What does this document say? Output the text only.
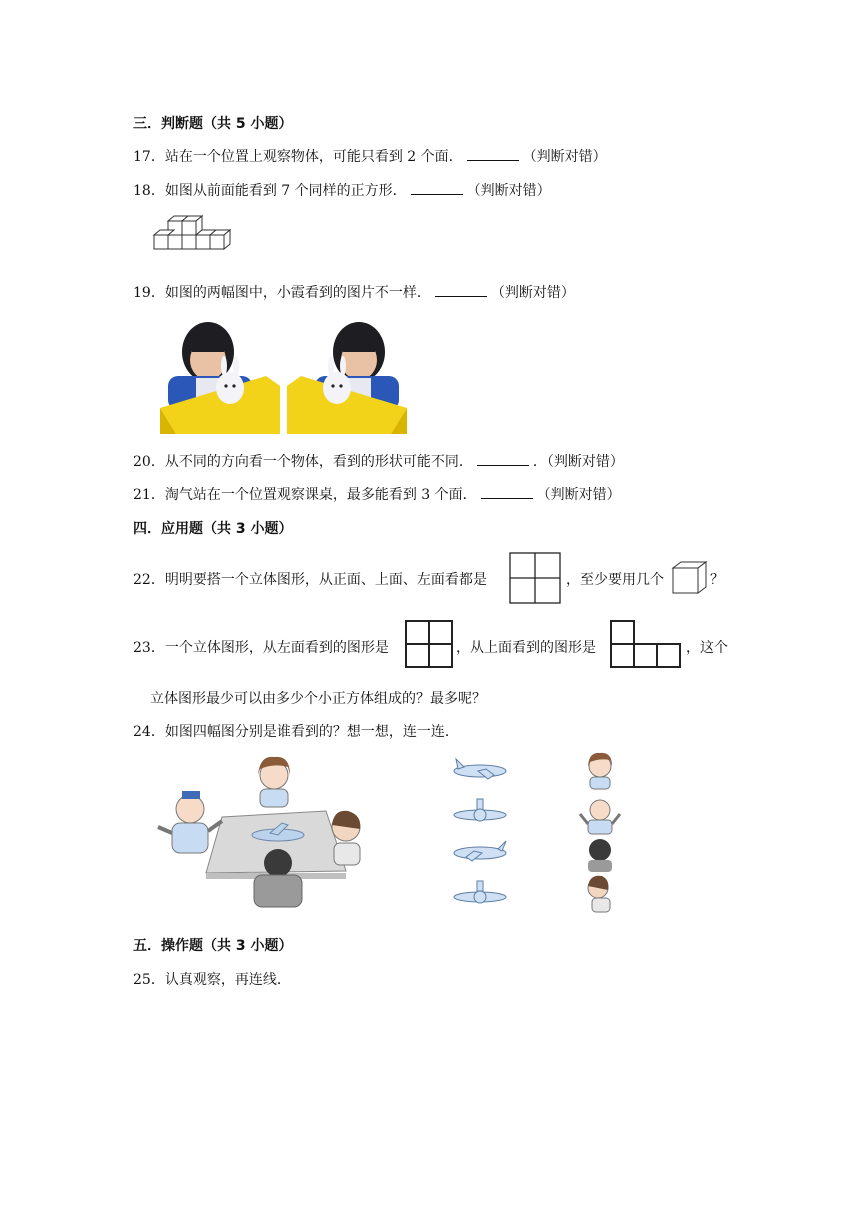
三．判断题（共 5 小题）
17．站在一个位置上观察物体，可能只看到 2 个面．	（判断对错）
18．如图从前面能看到 7 个同样的正方形．	（判断对错）
19．如图的两幅图中，小霞看到的图片不一样．	（判断对错）
20．从不同的方向看一个物体，看到的形状可能不同．	．（判断对错）
21．淘气站在一个位置观察课桌，最多能看到 3 个面．	（判断对错）
四．应用题（共 3 小题）
22．明明要搭一个立体图形，从正面、上面、左面看都是	，至少要用几个	？
23．一个立体图形，从左面看到的图形是	，从上面看到的图形是	，这个
立体图形最少可以由多少个小正方体组成的？最多呢？
24．如图四幅图分别是谁看到的？想一想，连一连．
五．操作题（共 3 小题）
25．认真观察，再连线．
